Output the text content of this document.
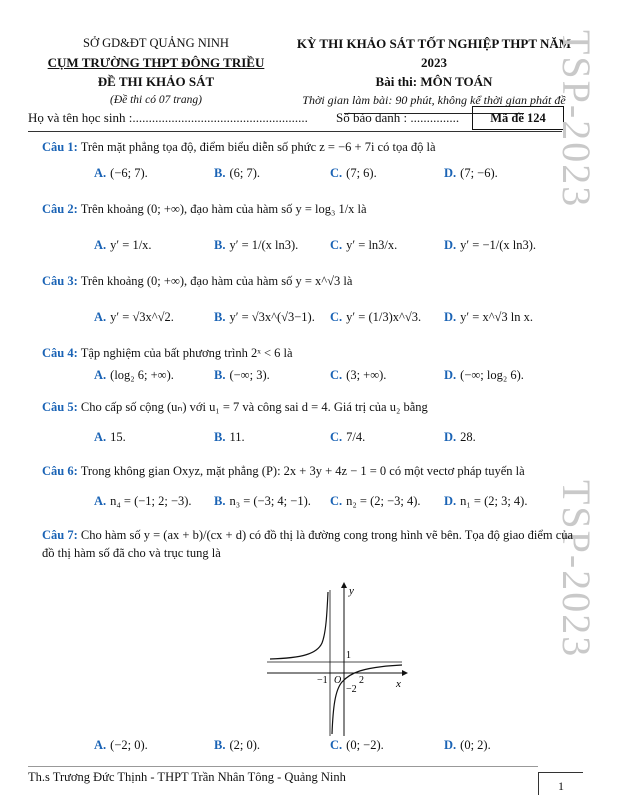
SỞ GD&ĐT QUẢNG NINH
CỤM TRƯỜNG THPT ĐÔNG TRIỀU
ĐỀ THI KHẢO SÁT
(Đề thi có 07 trang)
KỲ THI KHẢO SÁT TỐT NGHIỆP THPT NĂM 2023
Bài thi: MÔN TOÁN
Thời gian làm bài: 90 phút, không kể thời gian phát đề
Họ và tên học sinh :...................................................... Số báo danh : ...............	Mã đề 124 TSP-2023
TSP-2023
Câu 1: Trên mặt phẳng tọa độ, điểm biểu diễn số phức z = −6 + 7i có tọa độ là
A. (−6; 7).	B. (6; 7).	C. (7; 6).	D. (7; −6).
Câu 2: Trên khoảng (0; +∞), đạo hàm của hàm số y = log₃ 1/x là
A. y′ = 1/x.	B. y′ = 1/(x ln3).	C. y′ = ln3/x.	D. y′ = −1/(x ln3).
Câu 3: Trên khoảng (0; +∞), đạo hàm của hàm số y = x^√3 là
A. y′ = √3x^√2.	B. y′ = √3x^(√3−1). C. y′ = (1/3)x^√3. D. y′ = x^√3 ln x.
Câu 4: Tập nghiệm của bất phương trình 2ˣ < 6 là
A. (log₂ 6; +∞).	B. (−∞; 3).	C. (3; +∞).	D. (−∞; log₂ 6).
Câu 5: Cho cấp số cộng (uₙ) với u₁ = 7 và công sai d = 4. Giá trị của u₂ bằng
A. 15.	B. 11.	C. 7/4.	D. 28.
Câu 6: Trong không gian Oxyz, mặt phẳng (P): 2x + 3y + 4z − 1 = 0 có một vectơ pháp tuyến là
A. n₄ = (−1; 2; −3). B. n₃ = (−3; 4; −1). C. n₂ = (2; −3; 4). D. n₁ = (2; 3; 4).
Câu 7: Cho hàm số y = (ax + b)/(cx + d) có đồ thị là đường cong trong hình vẽ bên. Tọa độ giao điểm của đồ thị hàm số đã cho và trục tung là
y
x
O
−1	2
1
−2
A. (−2; 0).	B. (2; 0).	C. (0; −2).	D. (0; 2).
Th.s Trương Đức Thịnh - THPT Trần Nhân Tông - Quảng Ninh
1
